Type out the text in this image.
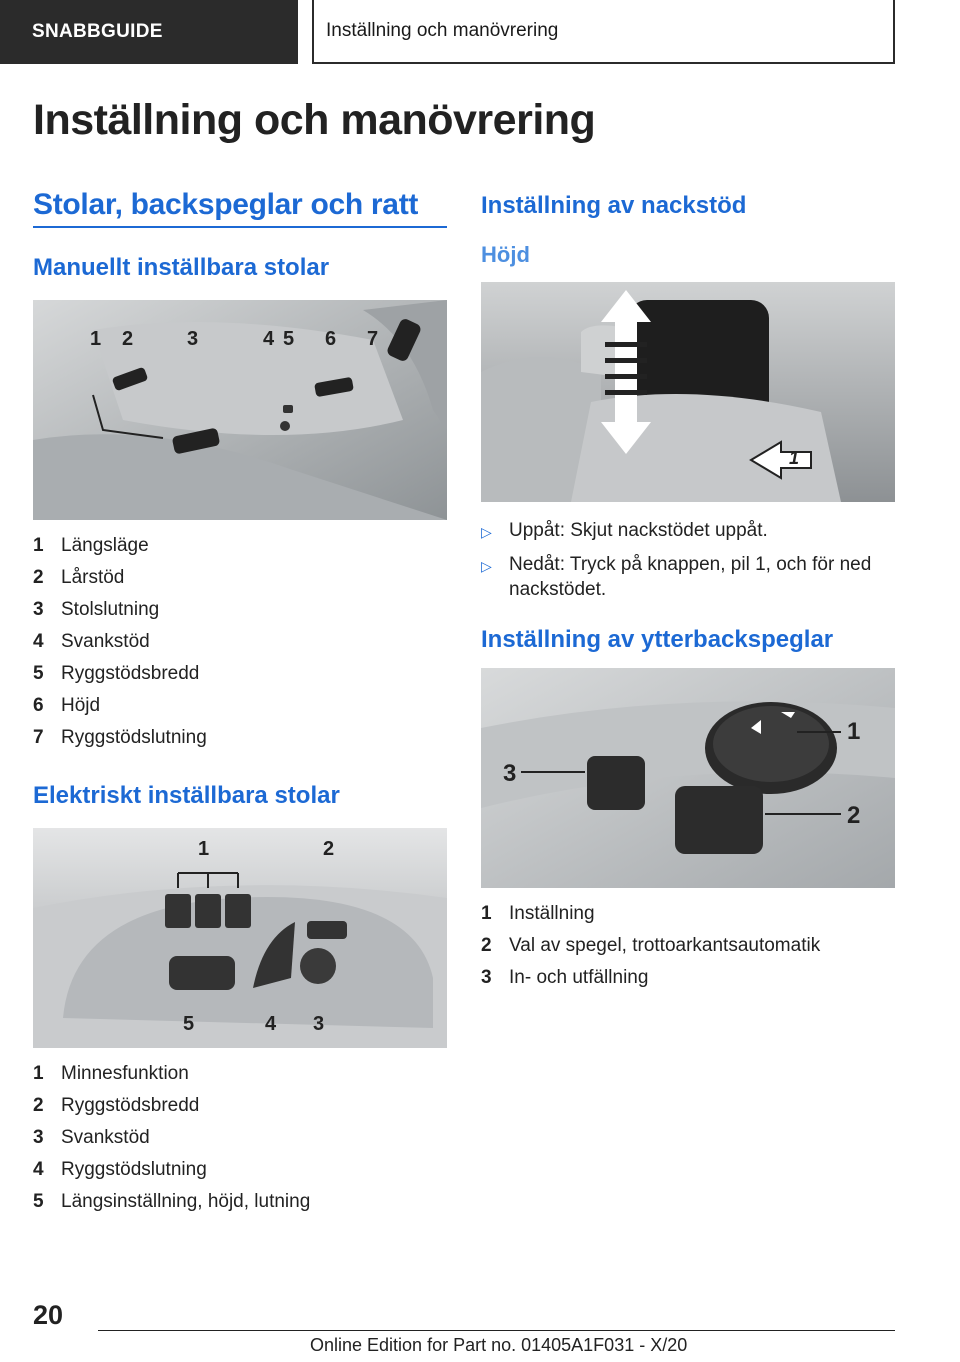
SNABBGUIDE	Inställning och manövrering
Inställning och manövrering
Stolar, backspeglar och ratt
Manuellt inställbara stolar
1 2	3	4 5 6 7
1 Längsläge
2 Lårstöd
3 Stolslutning
4 Svankstöd
5 Ryggstödsbredd
6 Höjd
7 Ryggstödslutning
Elektriskt inställbara stolar
1	2
5	4 3
1 Minnesfunktion
2 Ryggstödsbredd
3 Svankstöd
4 Ryggstödslutning
5 Längsinställning, höjd, lutning
Inställning av nackstöd
Höjd
1
▷ Uppåt: Skjut nackstödet uppåt.
▷ Nedåt: Tryck på knappen, pil 1, och för ned nackstödet.
Inställning av ytterbackspeglar
1
2
3
1 Inställning
2 Val av spegel, trottoarkantsautomatik
3 In- och utfällning
20
Online Edition for Part no. 01405A1F031 - X/20
